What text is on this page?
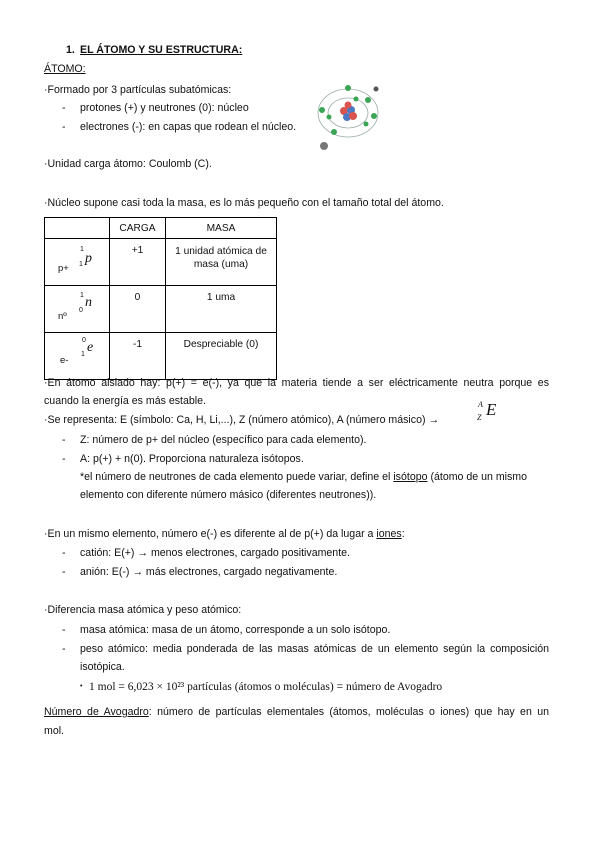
1. EL ÁTOMO Y SU ESTRUCTURA:
ÁTOMO:
·Formado por 3 partículas subatómicas:
- protones (+) y neutrones (0): núcleo
- electrones (-): en capas que rodean el núcleo.
·Unidad carga átomo: Coulomb (C).
·Núcleo supone casi toda la masa, es lo más pequeño con el tamaño total del átomo.
	CARGA	MASA

p+
1
1 p	+1	1 unidad atómica de masa (uma)

nº
1
0
n	0	1 uma

e-
0
1 e	-1	Despreciable (0)
·En átomo aislado hay: p(+) = e(-), ya que la materia tiende a ser eléctricamente neutra porque es
cuando la energía es más estable.
·Se representa: E (símbolo: Ca, H, Li,...), Z (número atómico), A (número másico) →
A
Z E
- Z: número de p+ del núcleo (específico para cada elemento).
- A: p(+) + n(0). Proporciona naturaleza isótopos.
*el número de neutrones de cada elemento puede variar, define el isótopo (átomo de un mismo
elemento con diferente número másico (diferentes neutrones)).
·En un mismo elemento, número e(-) es diferente al de p(+) da lugar a iones:
- catión: E(+) → menos electrones, cargado positivamente.
- anión: E(-) → más electrones, cargado negativamente.
·Diferencia masa atómica y peso atómico:
- masa atómica: masa de un átomo, corresponde a un solo isótopo.
- peso atómico: media ponderada de las masas atómicas de un elemento según la composición
isotópica.
• 1 mol = 6,023 × 10²³ partículas (átomos o moléculas) = número de Avogadro
Número de Avogadro: número de partículas elementales (átomos, moléculas o iones) que hay en un
mol.
